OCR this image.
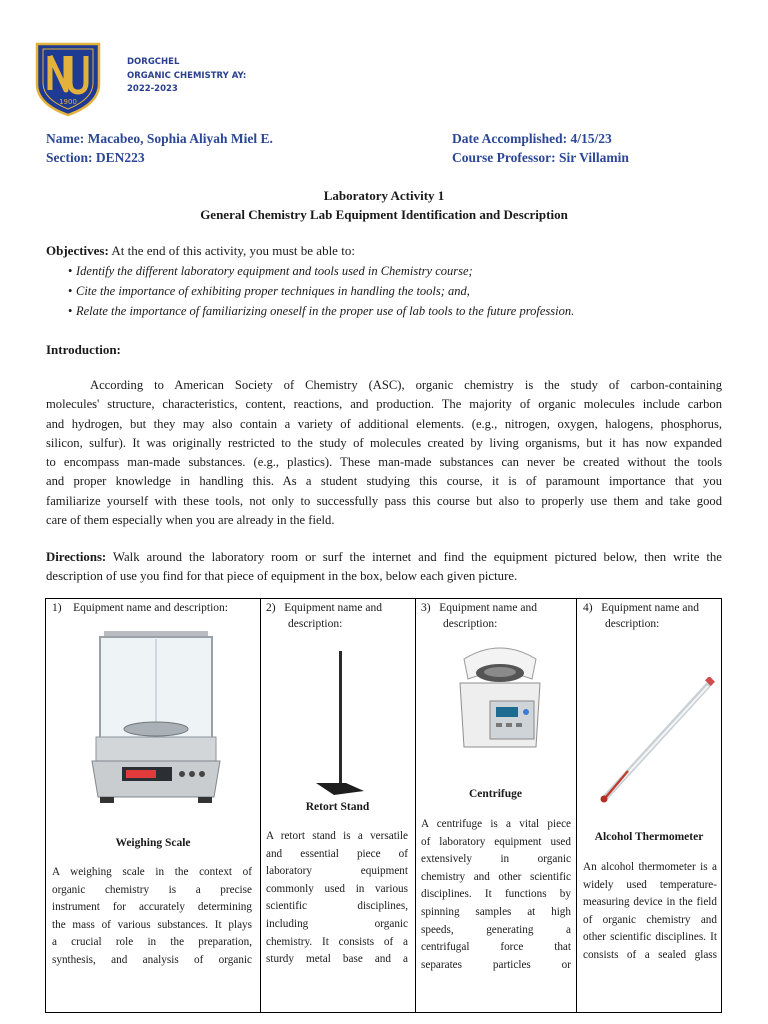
1900
DORGCHEL
ORGANIC CHEMISTRY AY:
2022-2023
Name: Macabeo, Sophia Aliyah Miel E.
Section: DEN223
Date Accomplished: 4/15/23
Course Professor: Sir Villamin
Laboratory Activity 1
General Chemistry Lab Equipment Identification and Description
Objectives: At the end of this activity, you must be able to:
• Identify the different laboratory equipment and tools used in Chemistry course;
• Cite the importance of exhibiting proper techniques in handling the tools; and,
• Relate the importance of familiarizing oneself in the proper use of lab tools to the future profession.
Introduction:
According to American Society of Chemistry (ASC), organic chemistry is the study of carbon-containing
molecules' structure, characteristics, content, reactions, and production. The majority of organic molecules include carbon
and hydrogen, but they may also contain a variety of additional elements. (e.g., nitrogen, oxygen, halogens, phosphorus,
silicon, sulfur). It was originally restricted to the study of molecules created by living organisms, but it has now expanded
to encompass man-made substances. (e.g., plastics). These man-made substances can never be created without the tools
and proper knowledge in handling this. As a student studying this course, it is of paramount importance that you
familiarize yourself with these tools, not only to successfully pass this course but also to properly use them and take good
care of them especially when you are already in the field.
Directions: Walk around the laboratory room or surf the internet and find the equipment pictured below, then write the
description of use you find for that piece of equipment in the box, below each given picture.
1) Equipment name and description:
Weighing Scale
A weighing scale in the context of
organic chemistry is a precise
instrument for accurately determining
the mass of various substances. It plays
a crucial role in the preparation,
synthesis, and analysis of organic
2) Equipment name and
description:
Retort Stand
A retort stand is a versatile
and essential piece of
laboratory equipment
commonly used in various
scientific disciplines,
including organic
chemistry. It consists of a
sturdy metal base and a
3) Equipment name and
description:
Centrifuge
A centrifuge is a vital piece
of laboratory equipment used
extensively in organic
chemistry and other scientific
disciplines. It functions by
spinning samples at high
speeds, generating a
centrifugal force that
separates particles or
4) Equipment name and
description:
Alcohol Thermometer
An alcohol thermometer is a
widely used temperature-
measuring device in the field
of organic chemistry and
other scientific disciplines. It
consists of a sealed glass
